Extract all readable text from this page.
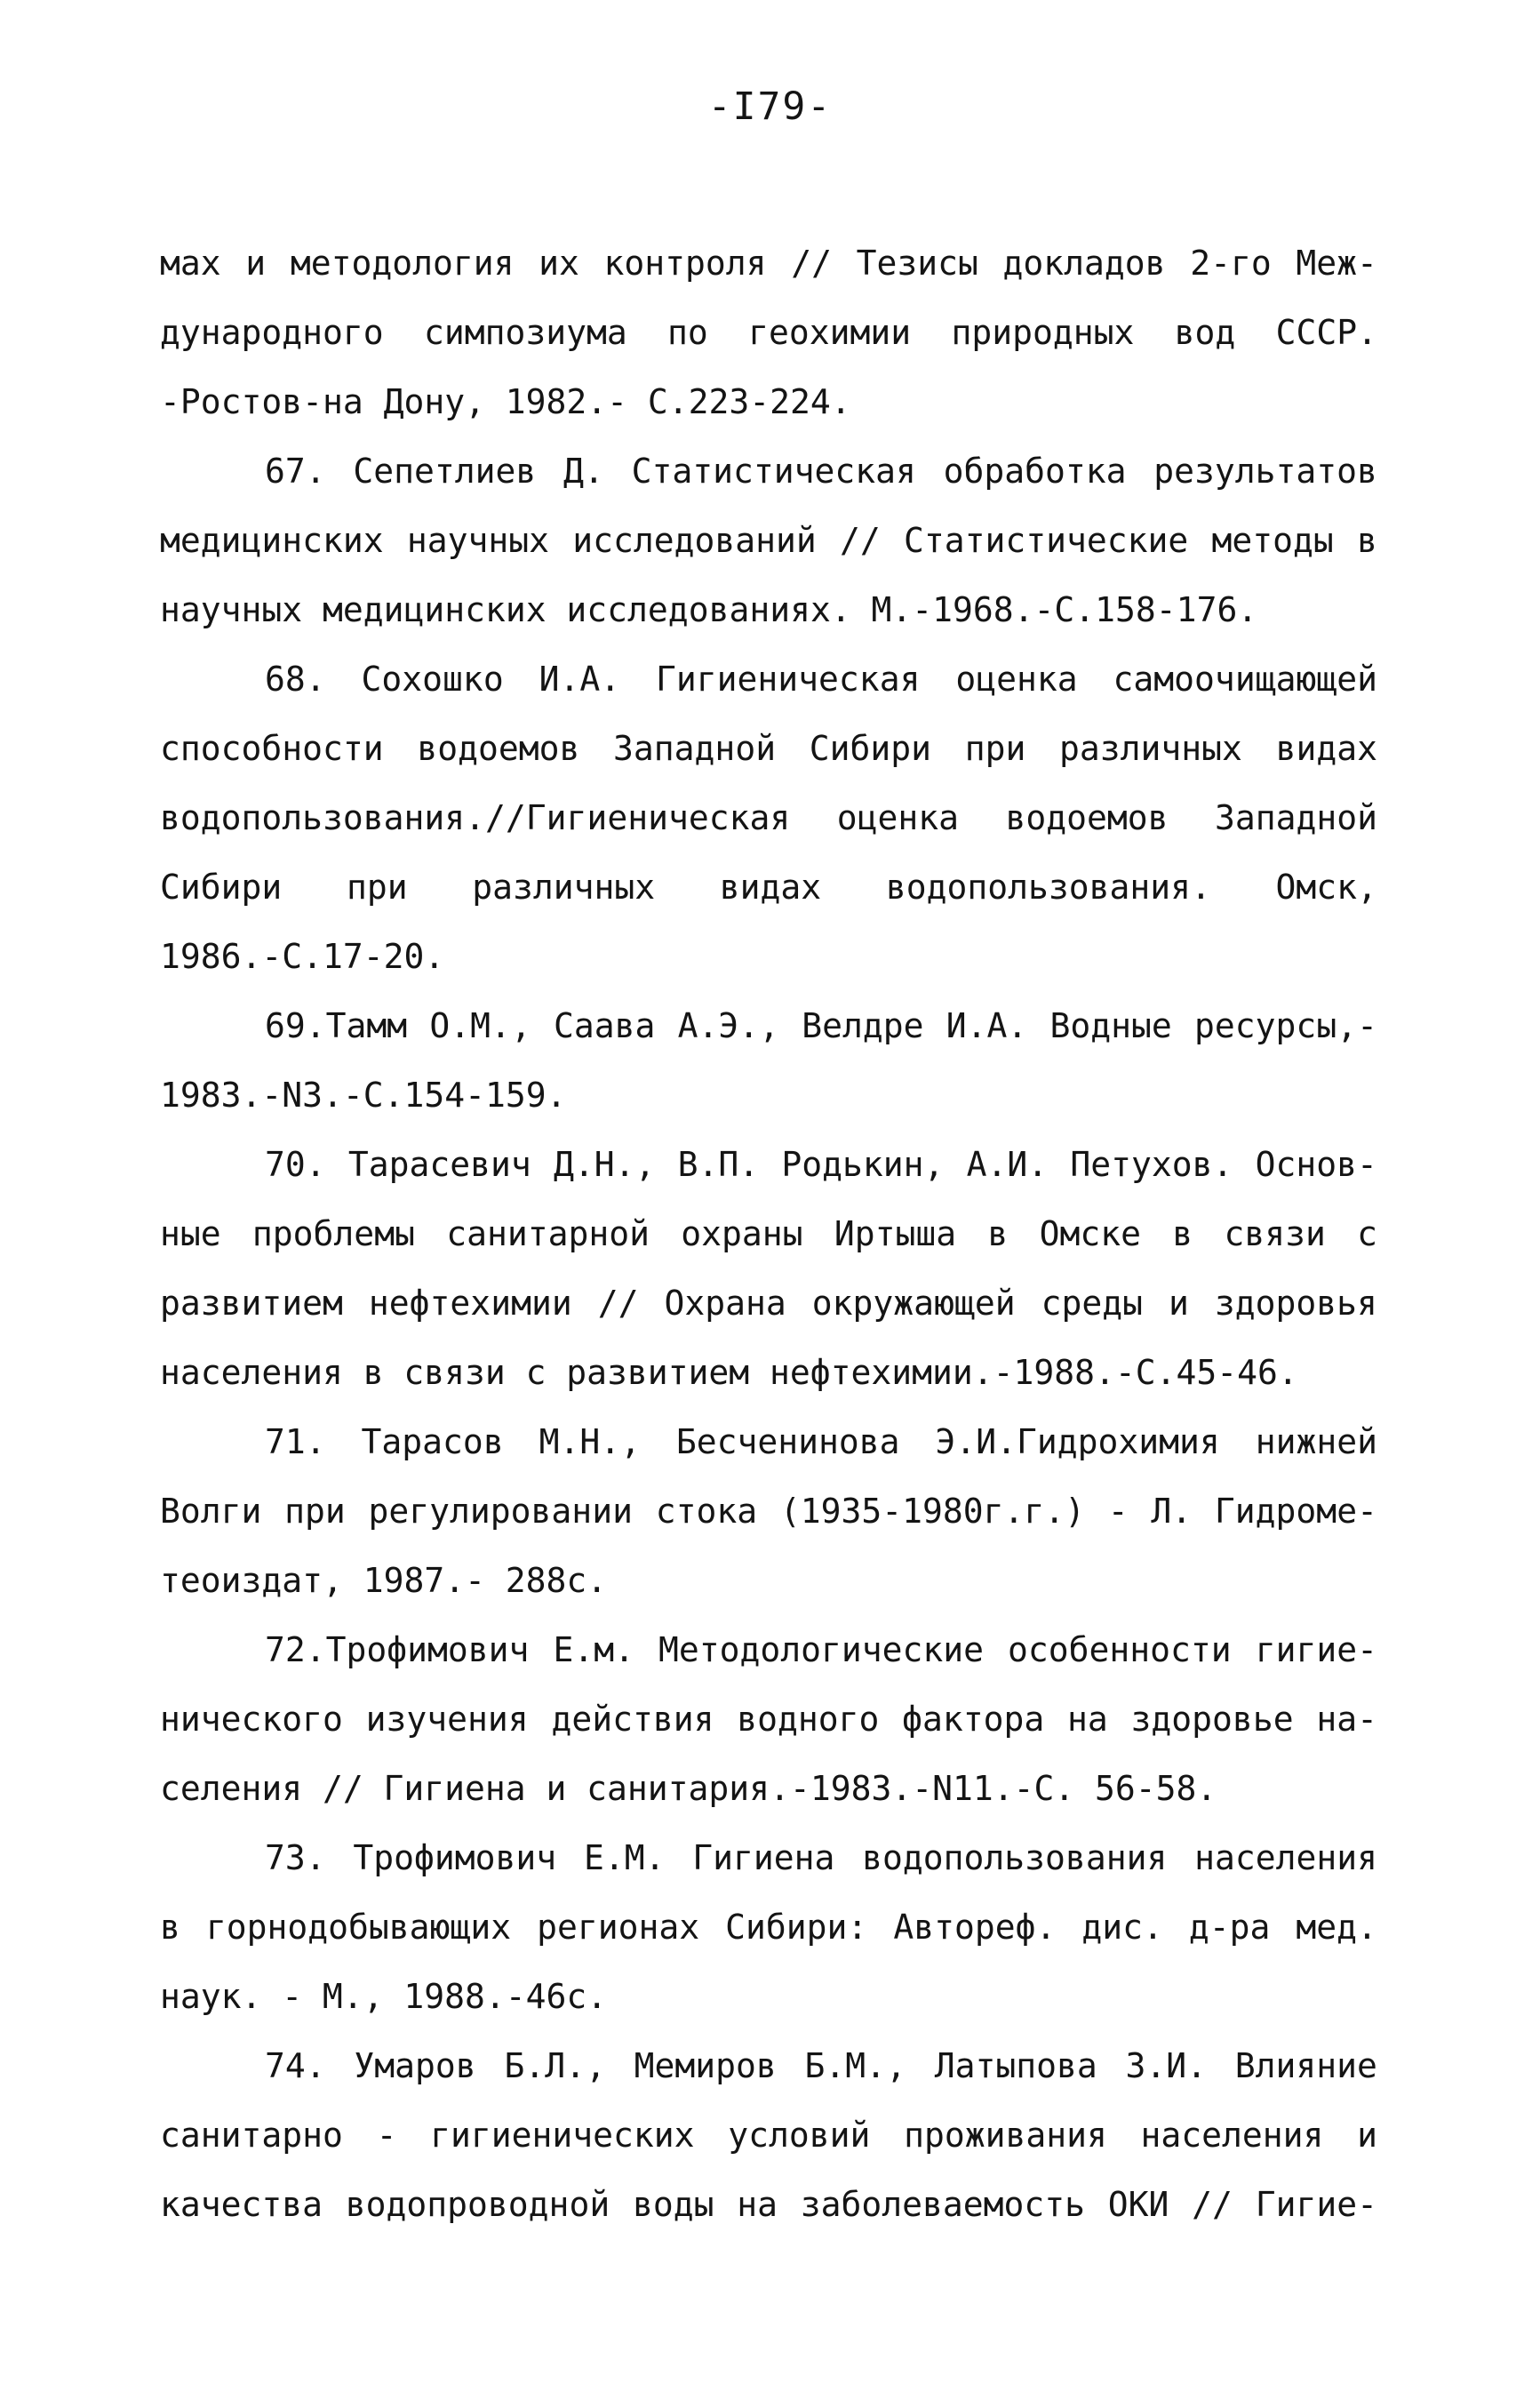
-I79-
мах и методология их контроля // Тезисы докладов 2-го Меж-
дународного симпозиума по геохимии природных вод СССР.
-Ростов-на Дону, 1982.- С.223-224.
67. Сепетлиев Д. Статистическая обработка результатов
медицинских научных исследований // Статистические методы в
научных медицинских исследованиях. М.-1968.-С.158-176.
68. Сохошко И.А. Гигиеническая оценка самоочищающей
способности водоемов Западной Сибири при различных видах
водопользования.//Гигиеническая оценка водоемов Западной
Сибири при различных видах водопользования. Омск,
1986.-С.17-20.
69.Тамм О.М., Саава А.Э., Велдре И.А. Водные ресурсы,-
1983.-N3.-С.154-159.
70. Тарасевич Д.Н., В.П. Родькин, А.И. Петухов. Основ-
ные проблемы санитарной охраны Иртыша в Омске в связи с
развитием нефтехимии // Охрана окружающей среды и здоровья
населения в связи с развитием нефтехимии.-1988.-С.45-46.
71. Тарасов М.Н., Бесченинова Э.И.Гидрохимия нижней
Волги при регулировании стока (1935-1980г.г.) - Л. Гидроме-
теоиздат, 1987.- 288с.
72.Трофимович Е.м. Методологические особенности гигие-
нического изучения действия водного фактора на здоровье на-
селения // Гигиена и санитария.-1983.-N11.-С. 56-58.
73. Трофимович Е.М. Гигиена водопользования населения
в горнодобывающих регионах Сибири: Автореф. дис. д-ра мед.
наук. - М., 1988.-46с.
74. Умаров Б.Л., Мемиров Б.М., Латыпова З.И. Влияние
санитарно - гигиенических условий проживания населения и
качества водопроводной воды на заболеваемость ОКИ // Гигие-
